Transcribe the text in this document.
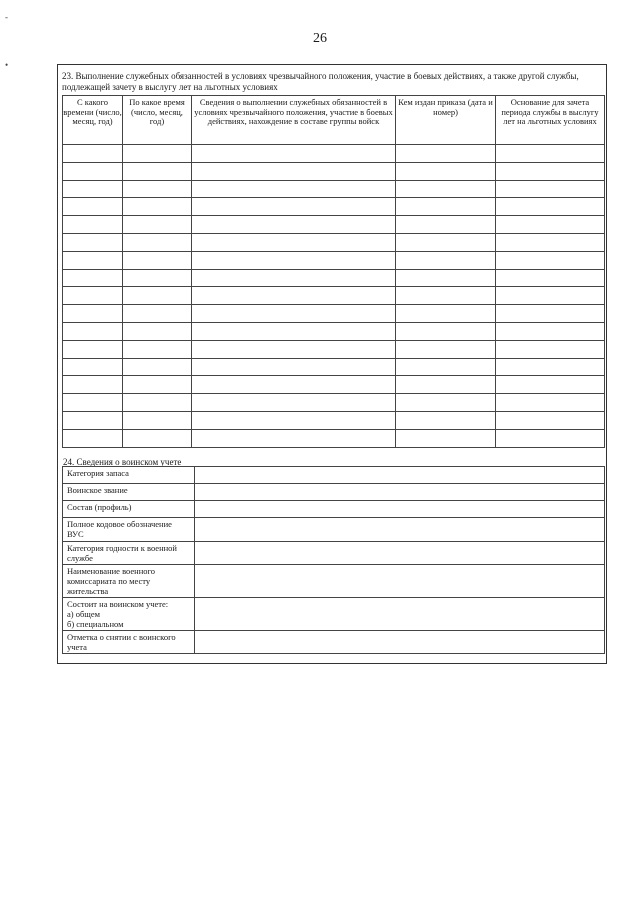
-
•
26
23. Выполнение служебных обязанностей в условиях чрезвычайного положения, участие в боевых действиях, а также другой службы, подлежащей зачету в выслугу лет на льготных условиях
С какого времени (число, месяц, год)	По какое время (число, месяц, год)	Сведения о выполнении служебных обязанностей в условиях чрезвычайного положения, участие в боевых действиях, нахождение в составе группы войск	Кем издан приказа (дата и номер)	Основание для зачета периода службы в выслугу лет на льготных условиях

24. Сведения о воинском учете
Категория запаса	
Воинское звание	
Состав (профиль)	
Полное кодовое обозначение ВУС	
Категория годности к военной службе	
Наименование военного комиссариата по месту жительства	
Состоит на воинском учете:
а) общем
б) специальном	
Отметка о снятии с воинского учета	
